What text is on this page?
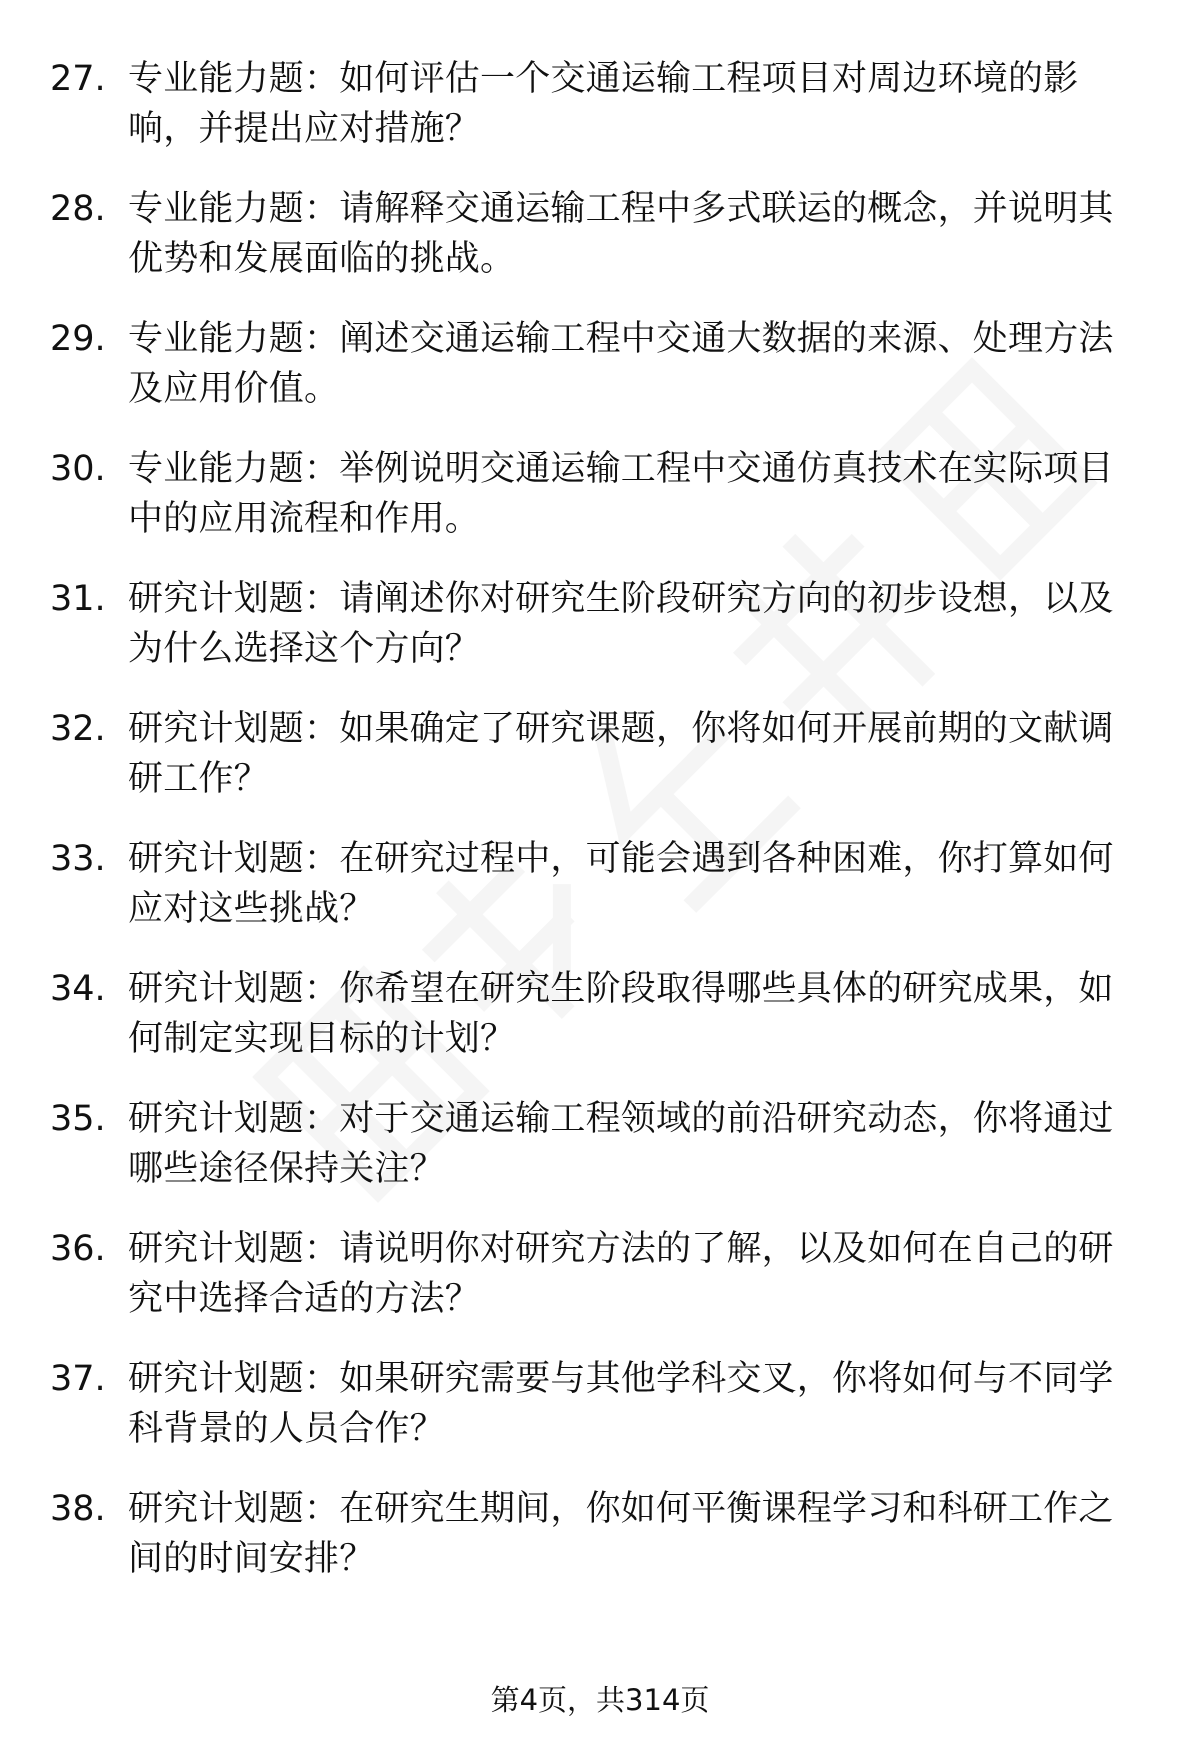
27. 专业能力题：如何评估一个交通运输工程项目对周边环境的影响，并提出应对措施？
28. 专业能力题：请解释交通运输工程中多式联运的概念，并说明其优势和发展面临的挑战。
29. 专业能力题：阐述交通运输工程中交通大数据的来源、处理方法及应用价值。
30. 专业能力题：举例说明交通运输工程中交通仿真技术在实际项目中的应用流程和作用。
31. 研究计划题：请阐述你对研究生阶段研究方向的初步设想，以及为什么选择这个方向？
32. 研究计划题：如果确定了研究课题，你将如何开展前期的文献调研工作？
33. 研究计划题：在研究过程中，可能会遇到各种困难，你打算如何应对这些挑战？
34. 研究计划题：你希望在研究生阶段取得哪些具体的研究成果，如何制定实现目标的计划？
35. 研究计划题：对于交通运输工程领域的前沿研究动态，你将通过哪些途径保持关注？
36. 研究计划题：请说明你对研究方法的了解，以及如何在自己的研究中选择合适的方法？
37. 研究计划题：如果研究需要与其他学科交叉，你将如何与不同学科背景的人员合作？
38. 研究计划题：在研究生期间，你如何平衡课程学习和科研工作之间的时间安排？
第4页，共314页
